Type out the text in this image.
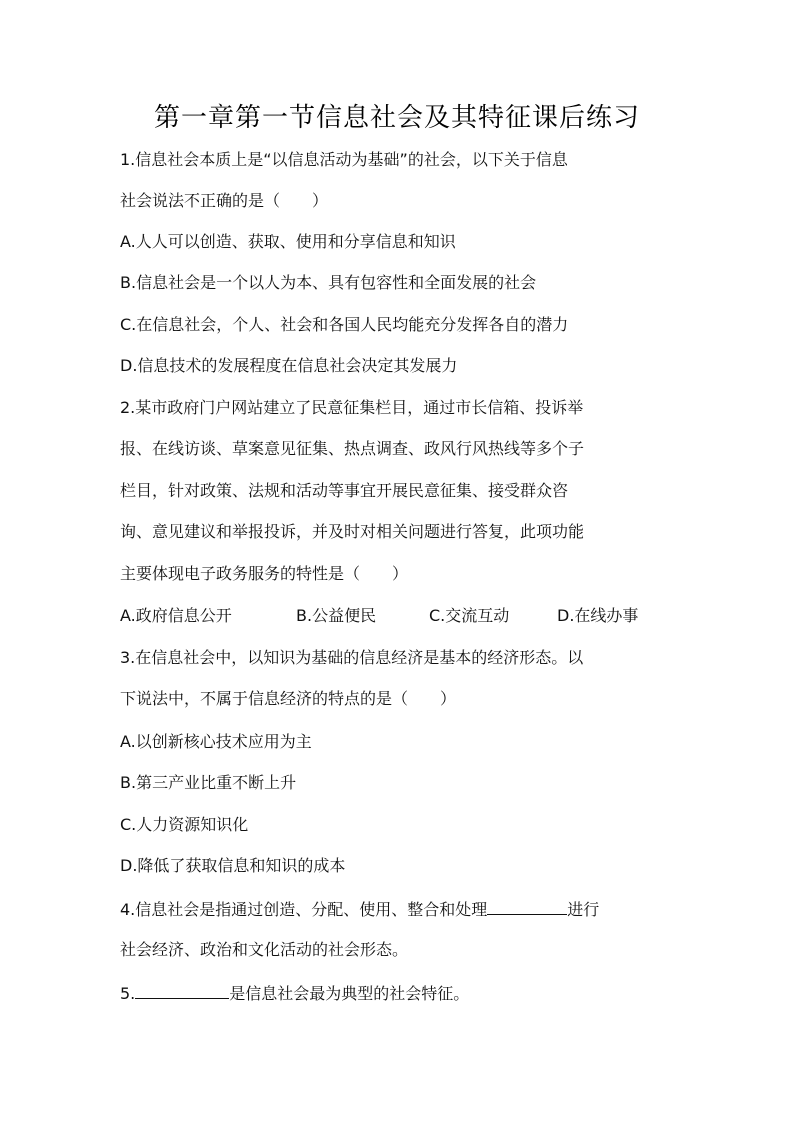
第一章第一节信息社会及其特征课后练习
1.信息社会本质上是“以信息活动为基础”的社会，以下关于信息
社会说法不正确的是（　　）
A.人人可以创造、获取、使用和分享信息和知识
B.信息社会是一个以人为本、具有包容性和全面发展的社会
C.在信息社会，个人、社会和各国人民均能充分发挥各自的潜力
D.信息技术的发展程度在信息社会决定其发展力
2.某市政府门户网站建立了民意征集栏目，通过市长信箱、投诉举
报、在线访谈、草案意见征集、热点调查、政风行风热线等多个子
栏目，针对政策、法规和活动等事宜开展民意征集、接受群众咨
询、意见建议和举报投诉，并及时对相关问题进行答复，此项功能
主要体现电子政务服务的特性是（　　）
A.政府信息公开	B.公益便民	C.交流互动	D.在线办事
3.在信息社会中，以知识为基础的信息经济是基本的经济形态。以
下说法中，不属于信息经济的特点的是（　　）
A.以创新核心技术应用为主
B.第三产业比重不断上升
C.人力资源知识化
D.降低了获取信息和知识的成本
4.信息社会是指通过创造、分配、使用、整合和处理	进行
社会经济、政治和文化活动的社会形态。
5.	是信息社会最为典型的社会特征。
